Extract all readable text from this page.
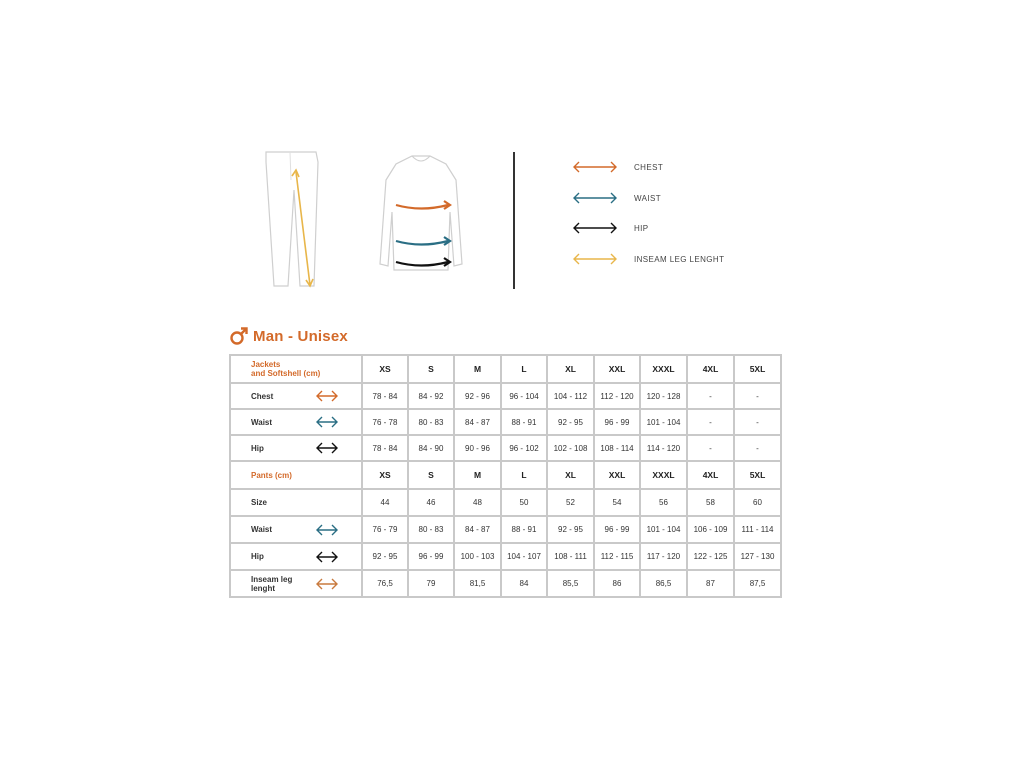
CHEST
WAIST
HIP
INSEAM LEG LENGHT
Man - Unisex
Jackets
and Softshell (cm)	XS	S	M	L	XL	XXL	XXXL	4XL	5XL
Chest	78 - 84	84 - 92	92 - 96	96 - 104	104 - 112	112 - 120	120 - 128	-	-
Waist	76 - 78	80 - 83	84 - 87	88 - 91	92 - 95	96 - 99	101 - 104	-	-
Hip	78 - 84	84 - 90	90 - 96	96 - 102	102 - 108	108 - 114	114 - 120	-	-
Pants (cm)	XS	S	M	L	XL	XXL	XXXL	4XL	5XL
Size	44	46	48	50	52	54	56	58	60
Waist	76 - 79	80 - 83	84 - 87	88 - 91	92 - 95	96 - 99	101 - 104	106 - 109	111 - 114
Hip	92 - 95	96 - 99	100 - 103	104 - 107	108 - 111	112 - 115	117 - 120	122 - 125	127 - 130
Inseam leg
lenght	76,5	79	81,5	84	85,5	86	86,5	87	87,5
